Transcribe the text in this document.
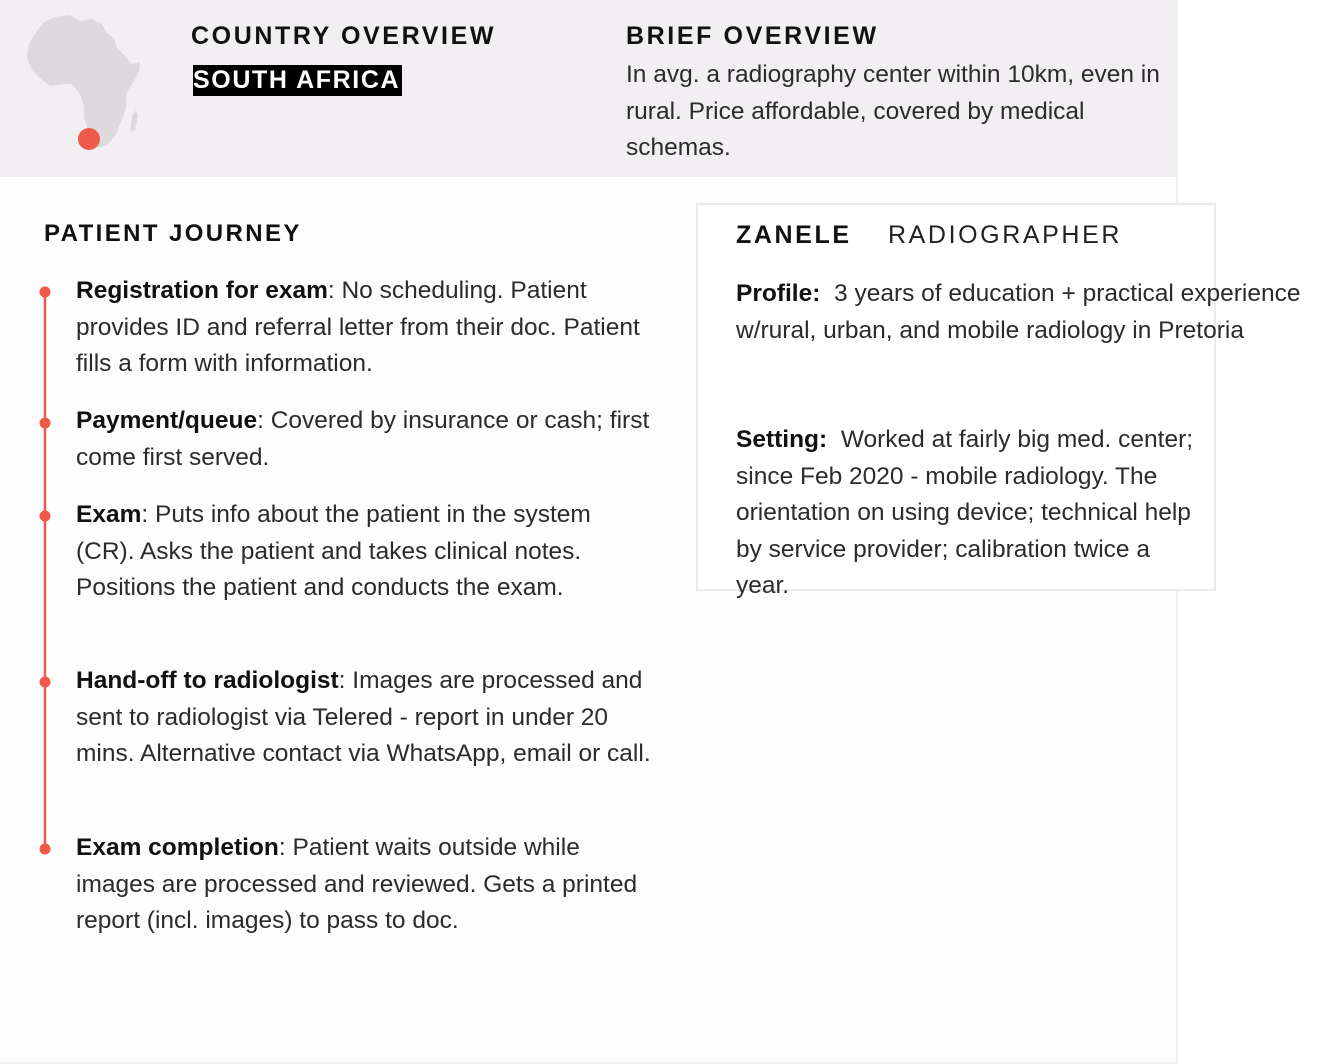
COUNTRY OVERVIEW
SOUTH AFRICA
BRIEF OVERVIEW
In avg. a radiography center within 10km, even in rural. Price affordable, covered by medical schemas.
PATIENT JOURNEY
Registration for exam: No scheduling. Patient provides ID and referral letter from their doc. Patient fills a form with information.
Payment/queue: Covered by insurance or cash; first come first served.
Exam: Puts info about the patient in the system (CR). Asks the patient and takes clinical notes. Positions the patient and conducts the exam.
Hand-off to radiologist: Images are processed and sent to radiologist via Telered - report in under 20 mins. Alternative contact via WhatsApp, email or call.
Exam completion: Patient waits outside while images are processed and reviewed. Gets a printed report (incl. images) to pass to doc.
ZANELE RADIOGRAPHER
Profile: 3 years of education + practical experience w/rural, urban, and mobile radiology in Pretoria
Setting: Worked at fairly big med. center; since Feb 2020 - mobile radiology. The orientation on using device; technical help by service provider; calibration twice a year.
